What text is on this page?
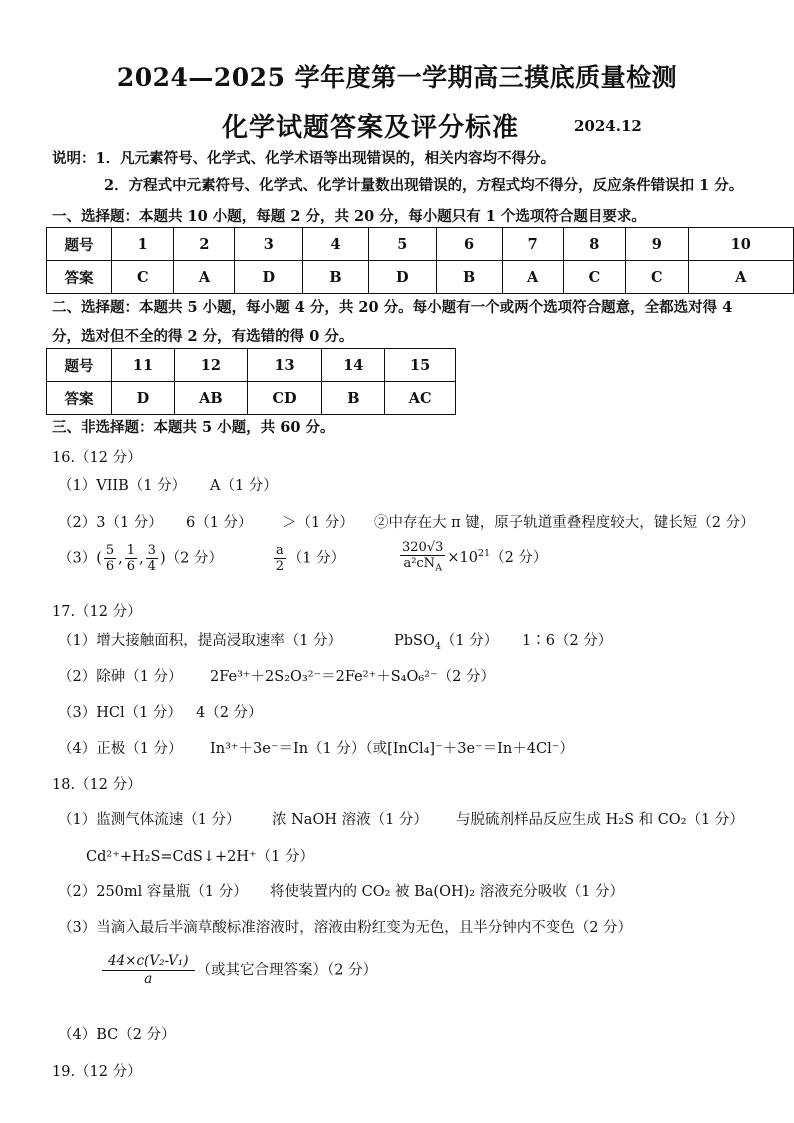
2024—2025 学年度第一学期高三摸底质量检测
化学试题答案及评分标准	2024.12
说明：1．凡元素符号、化学式、化学术语等出现错误的，相关内容均不得分。
2．方程式中元素符号、化学式、化学计量数出现错误的，方程式均不得分，反应条件错误扣 1 分。
一、选择题：本题共 10 小题，每题 2 分，共 20 分，每小题只有 1 个选项符合题目要求。
题号	1	2	3	4	5	6	7	8	9	10
答案	C	A	D	B	D	B	A	C	C	A
二、选择题：本题共 5 小题，每小题 4 分，共 20 分。每小题有一个或两个选项符合题意，全都选对得 4
分，选对但不全的得 2 分，有选错的得 0 分。
题号	11	12	13	14	15
答案	D	AB	CD	B	AC
三、非选择题：本题共 5 小题，共 60 分。
16.（12 分）
（1）VIIB（1 分） A（1 分）
（2）3（1 分） 6（1 分） ＞（1 分） ②中存在大 π 键，原子轨道重叠程度较大，键长短（2 分）
$(3)( \frac{5}{6}$ , $\frac{1}{6}$ , $\frac{3}{4} )(2$ 分）	$\frac{a}{2} (1$ 分）	$\frac{320√3}{a^2cN_A} \times 10^{21}(2$ 分）
17.（12 分）
（1）增大接触面积，提高浸取速率（1 分）	PbSO$_4$（1 分） 1∶6（2 分）
（2）除砷（1 分） 2Fe³⁺＋2S₂O₃²⁻＝2Fe²⁺＋S₄O₆²⁻（2 分）
（3）HCl（1 分） 4（2 分）
（4）正极（1 分） In³⁺＋3e⁻＝In（1 分）（或[InCl₄]⁻＋3e⁻＝In＋4Cl⁻）
18.（12 分）
（1）监测气体流速（1 分） 浓 NaOH 溶液（1 分） 与脱硫剂样品反应生成 H₂S 和 CO₂（1 分）
Cd²⁺+H₂S=CdS↓+2H⁺（1 分）
（2）250ml 容量瓶（1 分） 将使装置内的 CO₂ 被 Ba(OH)₂ 溶液充分吸收（1 分）
（3）当滴入最后半滴草酸标准溶液时，溶液由粉红变为无色，且半分钟内不变色（2 分）
$\frac{\text{44×c(V₂-V₁)}}{a}$ （或其它合理答案）（2 分）
（4）BC（2 分）
19.（12 分）
